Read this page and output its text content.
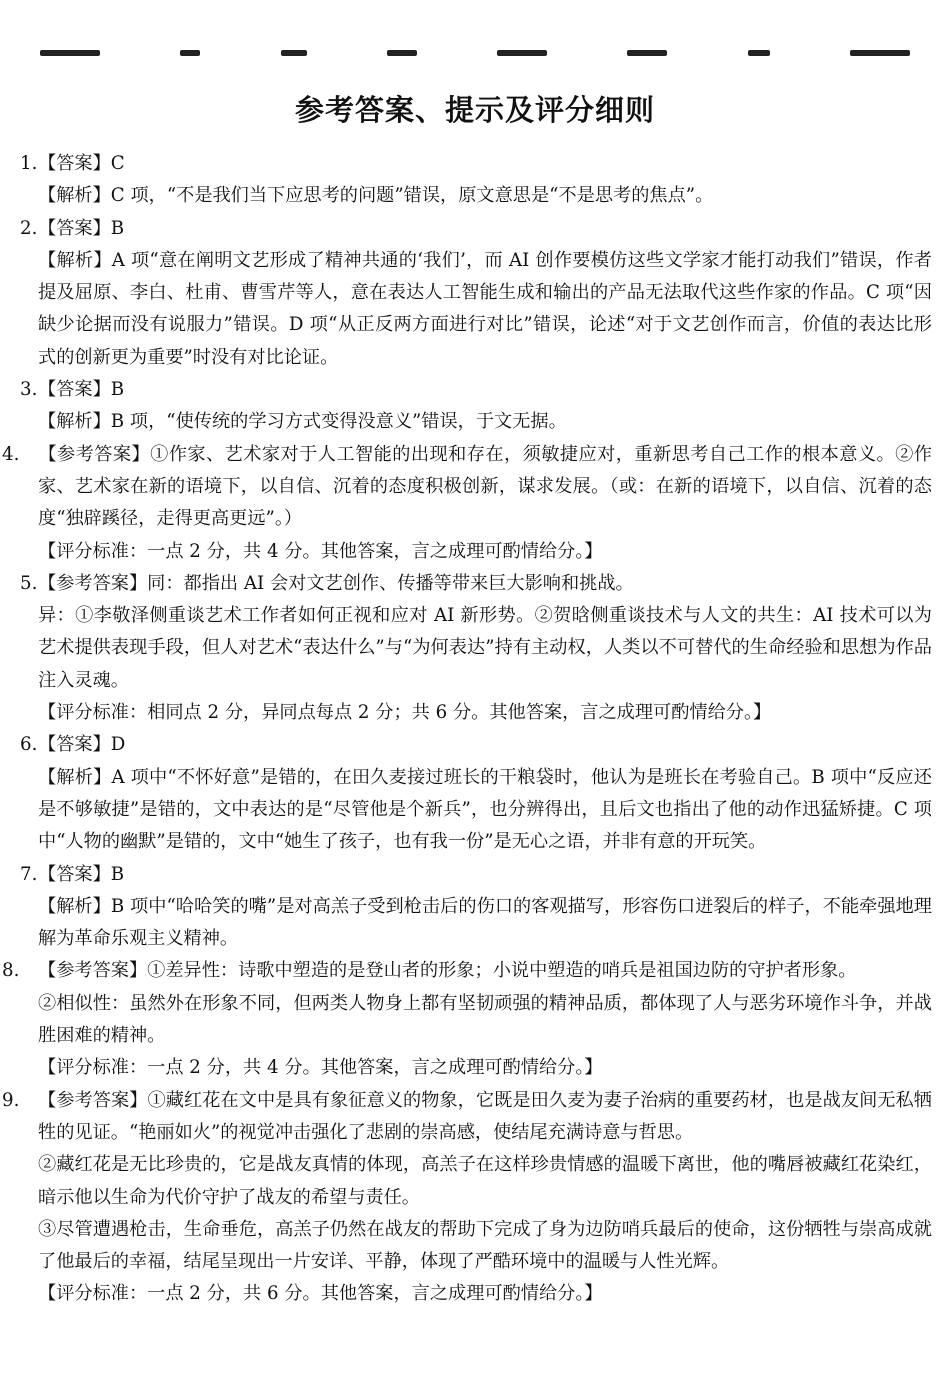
参考答案、提示及评分细则

1.【答案】C

【解析】C 项，“不是我们当下应思考的问题”错误，原文意思是“不是思考的焦点”。

2.【答案】B

【解析】A 项“意在阐明文艺形成了精神共通的‘我们’，而 AI 创作要模仿这些文学家才能打动我们”错误，作者提及屈原、李白、杜甫、曹雪芹等人，意在表达人工智能生成和输出的产品无法取代这些作家的作品。C 项“因缺少论据而没有说服力”错误。D 项“从正反两方面进行对比”错误，论述“对于文艺创作而言，价值的表达比形式的创新更为重要”时没有对比论证。

3.【答案】B

【解析】B 项，“使传统的学习方式变得没意义”错误，于文无据。

4. 【参考答案】①作家、艺术家对于人工智能的出现和存在，须敏捷应对，重新思考自己工作的根本意义。②作家、艺术家在新的语境下，以自信、沉着的态度积极创新，谋求发展。（或：在新的语境下，以自信、沉着的态度“独辟蹊径，走得更高更远”。）

【评分标准：一点 2 分，共 4 分。其他答案，言之成理可酌情给分。】

5.【参考答案】同：都指出 AI 会对文艺创作、传播等带来巨大影响和挑战。

异：①李敬泽侧重谈艺术工作者如何正视和应对 AI 新形势。②贺晗侧重谈技术与人文的共生：AI 技术可以为艺术提供表现手段，但人对艺术“表达什么”与“为何表达”持有主动权，人类以不可替代的生命经验和思想为作品注入灵魂。

【评分标准：相同点 2 分，异同点每点 2 分；共 6 分。其他答案，言之成理可酌情给分。】

6.【答案】D

【解析】A 项中“不怀好意”是错的，在田久麦接过班长的干粮袋时，他认为是班长在考验自己。B 项中“反应还是不够敏捷”是错的，文中表达的是“尽管他是个新兵”，也分辨得出，且后文也指出了他的动作迅猛矫捷。C 项中“人物的幽默”是错的，文中“她生了孩子，也有我一份”是无心之语，并非有意的开玩笑。

7.【答案】B

【解析】B 项中“哈哈笑的嘴”是对高羔子受到枪击后的伤口的客观描写，形容伤口迸裂后的样子，不能牵强地理解为革命乐观主义精神。

8. 【参考答案】①差异性：诗歌中塑造的是登山者的形象；小说中塑造的哨兵是祖国边防的守护者形象。

②相似性：虽然外在形象不同，但两类人物身上都有坚韧顽强的精神品质，都体现了人与恶劣环境作斗争，并战胜困难的精神。

【评分标准：一点 2 分，共 4 分。其他答案，言之成理可酌情给分。】

9. 【参考答案】①藏红花在文中是具有象征意义的物象，它既是田久麦为妻子治病的重要药材，也是战友间无私牺牲的见证。“艳丽如火”的视觉冲击强化了悲剧的崇高感，使结尾充满诗意与哲思。

②藏红花是无比珍贵的，它是战友真情的体现，高羔子在这样珍贵情感的温暖下离世，他的嘴唇被藏红花染红，暗示他以生命为代价守护了战友的希望与责任。

③尽管遭遇枪击，生命垂危，高羔子仍然在战友的帮助下完成了身为边防哨兵最后的使命，这份牺牲与崇高成就了他最后的幸福，结尾呈现出一片安详、平静，体现了严酷环境中的温暖与人性光辉。

【评分标准：一点 2 分，共 6 分。其他答案，言之成理可酌情给分。】
